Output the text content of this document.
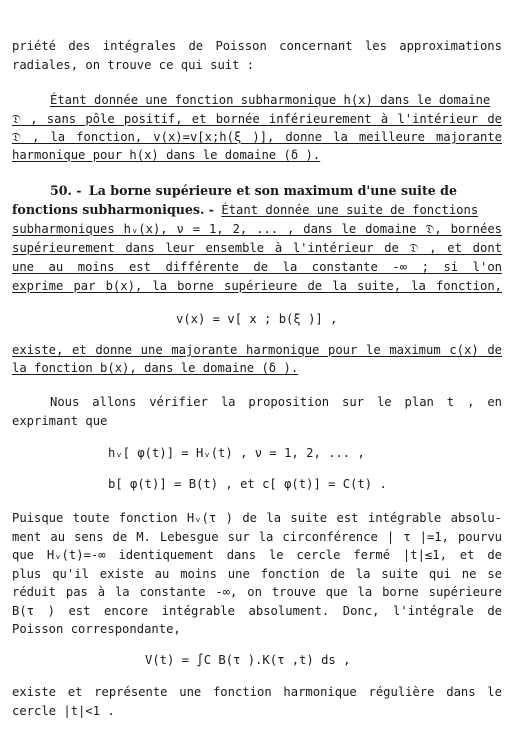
priété des intégrales de Poisson concernant les approximations
radiales, on trouve ce qui suit :
Étant donnée une fonction subharmonique h(x) dans le domaine
𝔇 , sans pôle positif, et bornée inférieurement à l'intérieur de
𝔇 , la fonction, v(x)=v[x;h(ξ )], donne la meilleure majorante
harmonique pour h(x) dans le domaine (δ ).
50. - La borne supérieure et son maximum d'une suite de
fonctions subharmoniques. - Étant donnée une suite de fonctions
subharmoniques hᵥ(x), ν = 1, 2, ... , dans le domaine 𝔇, bornées
supérieurement dans leur ensemble à l'intérieur de 𝔇 , et dont
une au moins est différente de la constante -∞ ; si l'on
exprime par b(x), la borne supérieure de la suite, la fonction,
v(x) = v[ x ; b(ξ )] ,
existe, et donne une majorante harmonique pour le maximum c(x) de
la fonction b(x), dans le domaine (δ ).
Nous allons vérifier la proposition sur le plan t , en
exprimant que
hᵥ[ φ(t)] = Hᵥ(t) , ν = 1, 2, ... ,
b[ φ(t)] = B(t) , et c[ φ(t)] = C(t) .
Puisque toute fonction Hᵥ(τ ) de la suite est intégrable absolu-
ment au sens de M. Lebesgue sur la circonférence | τ |=1, pourvu
que Hᵥ(t)=-∞ identiquement dans le cercle fermé |t|≤1, et de
plus qu'il existe au moins une fonction de la suite qui ne se
réduit pas à la constante -∞, on trouve que la borne supérieure
B(τ ) est encore intégrable absolument. Donc, l'intégrale de
Poisson correspondante,
V(t) = ∫C B(τ ).K(τ ,t) ds ,
existe et représente une fonction harmonique régulière dans le
cercle |t|<1 .
